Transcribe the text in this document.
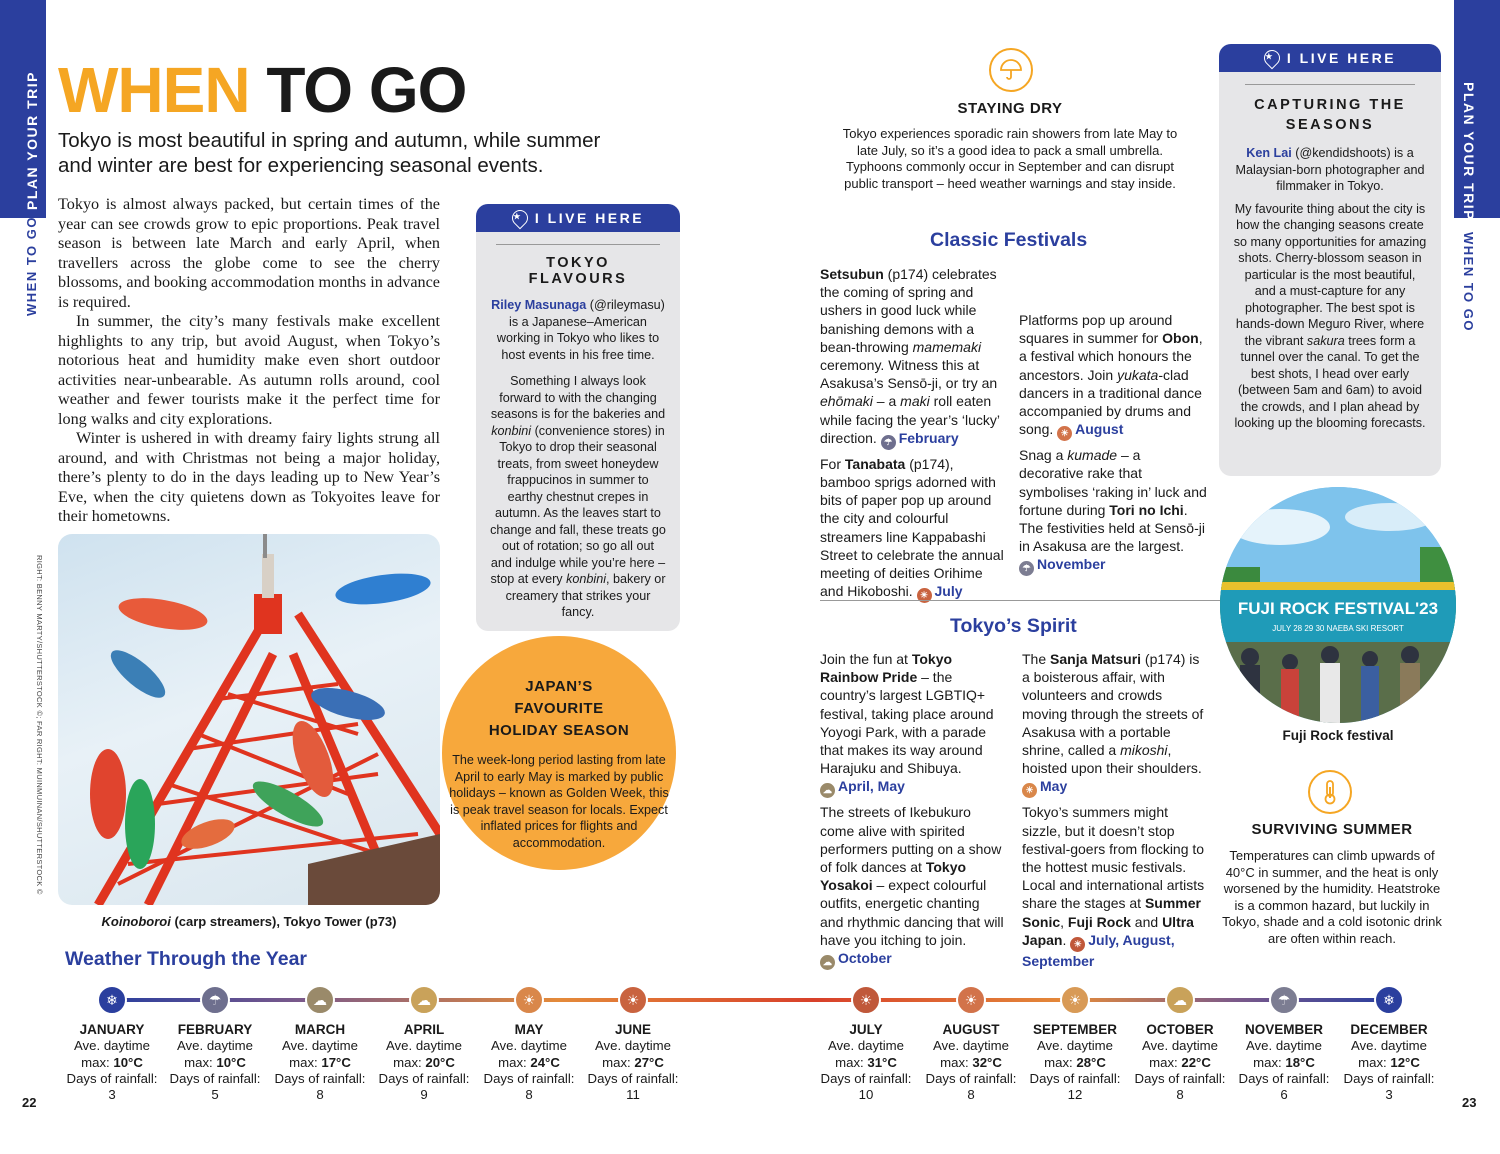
PLAN YOUR TRIP
WHEN TO GO
PLAN YOUR TRIP
WHEN TO GO
22	23
WHEN TO GO
Tokyo is most beautiful in spring and autumn, while summer and winter are best for experiencing seasonal events.

Tokyo is almost always packed, but certain times of the year can see crowds grow to epic proportions. Peak travel season is between late March and early April, when travellers across the globe come to see the cherry blossoms, and booking accommodation months in advance is required.

In summer, the city’s many festivals make excellent highlights to any trip, but avoid August, when Tokyo’s notorious heat and humidity make even short outdoor activities near-unbearable. As autumn rolls around, cool weather and fewer tourists make it the perfect time for long walks and city explorations.

Winter is ushered in with dreamy fairy lights strung all around, and with Christmas not being a major holiday, there’s plenty to do in the days leading up to New Year’s Eve, when the city quietens down as Tokyoites leave for their hometowns.

RIGHT: BENNY MARTY/SHUTTERSTOCK ©; FAR RIGHT: MUINMUINAN/SHUTTERSTOCK ©
Koinoboroi (carp streamers), Tokyo Tower (p73)
★
I LIVE HERE
TOKYO FLAVOURS

Riley Masunaga (@rileymasu) is a Japanese–American working in Tokyo who likes to host events in his free time.

Something I always look forward to with the changing seasons is for the bakeries and konbini (convenience stores) in Tokyo to drop their seasonal treats, from sweet honeydew frappucinos in summer to earthy chestnut crepes in autumn. As the leaves start to change and fall, these treats go out of rotation; so go all out and indulge while you’re here – stop at every konbini, bakery or creamery that strikes your fancy.

JAPAN’S FAVOURITE HOLIDAY SEASON
The week-long period lasting from late April to early May is marked by public holidays – known as Golden Week, this is peak travel season for locals. Expect inflated prices for flights and accommodation.
STAYING DRY
Tokyo experiences sporadic rain showers from late May to late July, so it’s a good idea to pack a small umbrella. Typhoons commonly occur in September and can disrupt public transport – heed weather warnings and stay inside.
Classic Festivals

Setsubun (p174) celebrates the coming of spring and ushers in good luck while banishing demons with a bean-throwing mamemaki ceremony. Witness this at Asakusa’s Sensō-ji, or try an ehōmaki – a maki roll eaten while facing the year’s ‘lucky’ direction. ☂ February

For Tanabata (p174), bamboo sprigs adorned with bits of paper pop up around the city and colourful streamers line Kappabashi Street to celebrate the annual meeting of deities Orihime and Hikoboshi. ☀ July

Platforms pop up around squares in summer for Obon, a festival which honours the ancestors. Join yukata-clad dancers in a traditional dance accompanied by drums and song. ☀ August

Snag a kumade – a decorative rake that symbolises ‘raking in’ luck and fortune during Tori no Ichi. The festivities held at Sensō-ji in Asakusa are the largest. ☂ November

Tokyo’s Spirit

Join the fun at Tokyo Rainbow Pride – the country’s largest LGBTIQ+ festival, taking place around Yoyogi Park, with a parade that makes its way around Harajuku and Shibuya. ☁ April, May

The streets of Ikebukuro come alive with spirited performers putting on a show of folk dances at Tokyo Yosakoi – expect colourful outfits, energetic chanting and rhythmic dancing that will have you itching to join. ☁ October

The Sanja Matsuri (p174) is a boisterous affair, with volunteers and crowds moving through the streets of Asakusa with a portable shrine, called a mikoshi, hoisted upon their shoulders. ☀ May

Tokyo’s summers might sizzle, but it doesn’t stop festival-goers from flocking to the hottest music festivals. Local and international artists share the stages at Summer Sonic, Fuji Rock and Ultra Japan. ☀ July, August, September

★
I LIVE HERE
CAPTURING THE SEASONS

Ken Lai (@kendidshoots) is a Malaysian-born photographer and filmmaker in Tokyo.

My favourite thing about the city is how the changing seasons create so many opportunities for amazing shots. Cherry-blossom season in particular is the most beautiful, and a must-capture for any photographer. The best spot is hands-down Meguro River, where the vibrant sakura trees form a tunnel over the canal. To get the best shots, I head over early (between 5am and 6am) to avoid the crowds, and I plan ahead by looking up the blooming forecasts.

FUJI ROCK FESTIVAL'23
JULY 28 29 30 NAEBA SKI RESORT
Fuji Rock festival
SURVIVING SUMMER
Temperatures can climb upwards of 40°C in summer, and the heat is only worsened by the humidity. Heatstroke is a common hazard, but luckily in Tokyo, shade and a cold isotonic drink are often within reach.
Weather Through the Year
❄
JANUARY
Ave. daytime
max: 10°C
Days of rainfall:
3
☂
FEBRUARY
Ave. daytime
max: 10°C
Days of rainfall:
5
☁
MARCH
Ave. daytime
max: 17°C
Days of rainfall:
8
☁
APRIL
Ave. daytime
max: 20°C
Days of rainfall:
9
☀
MAY
Ave. daytime
max: 24°C
Days of rainfall:
8
☀
JUNE
Ave. daytime
max: 27°C
Days of rainfall:
11
☀
JULY
Ave. daytime
max: 31°C
Days of rainfall:
10
☀
AUGUST
Ave. daytime
max: 32°C
Days of rainfall:
8
☀
SEPTEMBER
Ave. daytime
max: 28°C
Days of rainfall:
12
☁
OCTOBER
Ave. daytime
max: 22°C
Days of rainfall:
8
☂
NOVEMBER
Ave. daytime
max: 18°C
Days of rainfall:
6
❄
DECEMBER
Ave. daytime
max: 12°C
Days of rainfall:
3
